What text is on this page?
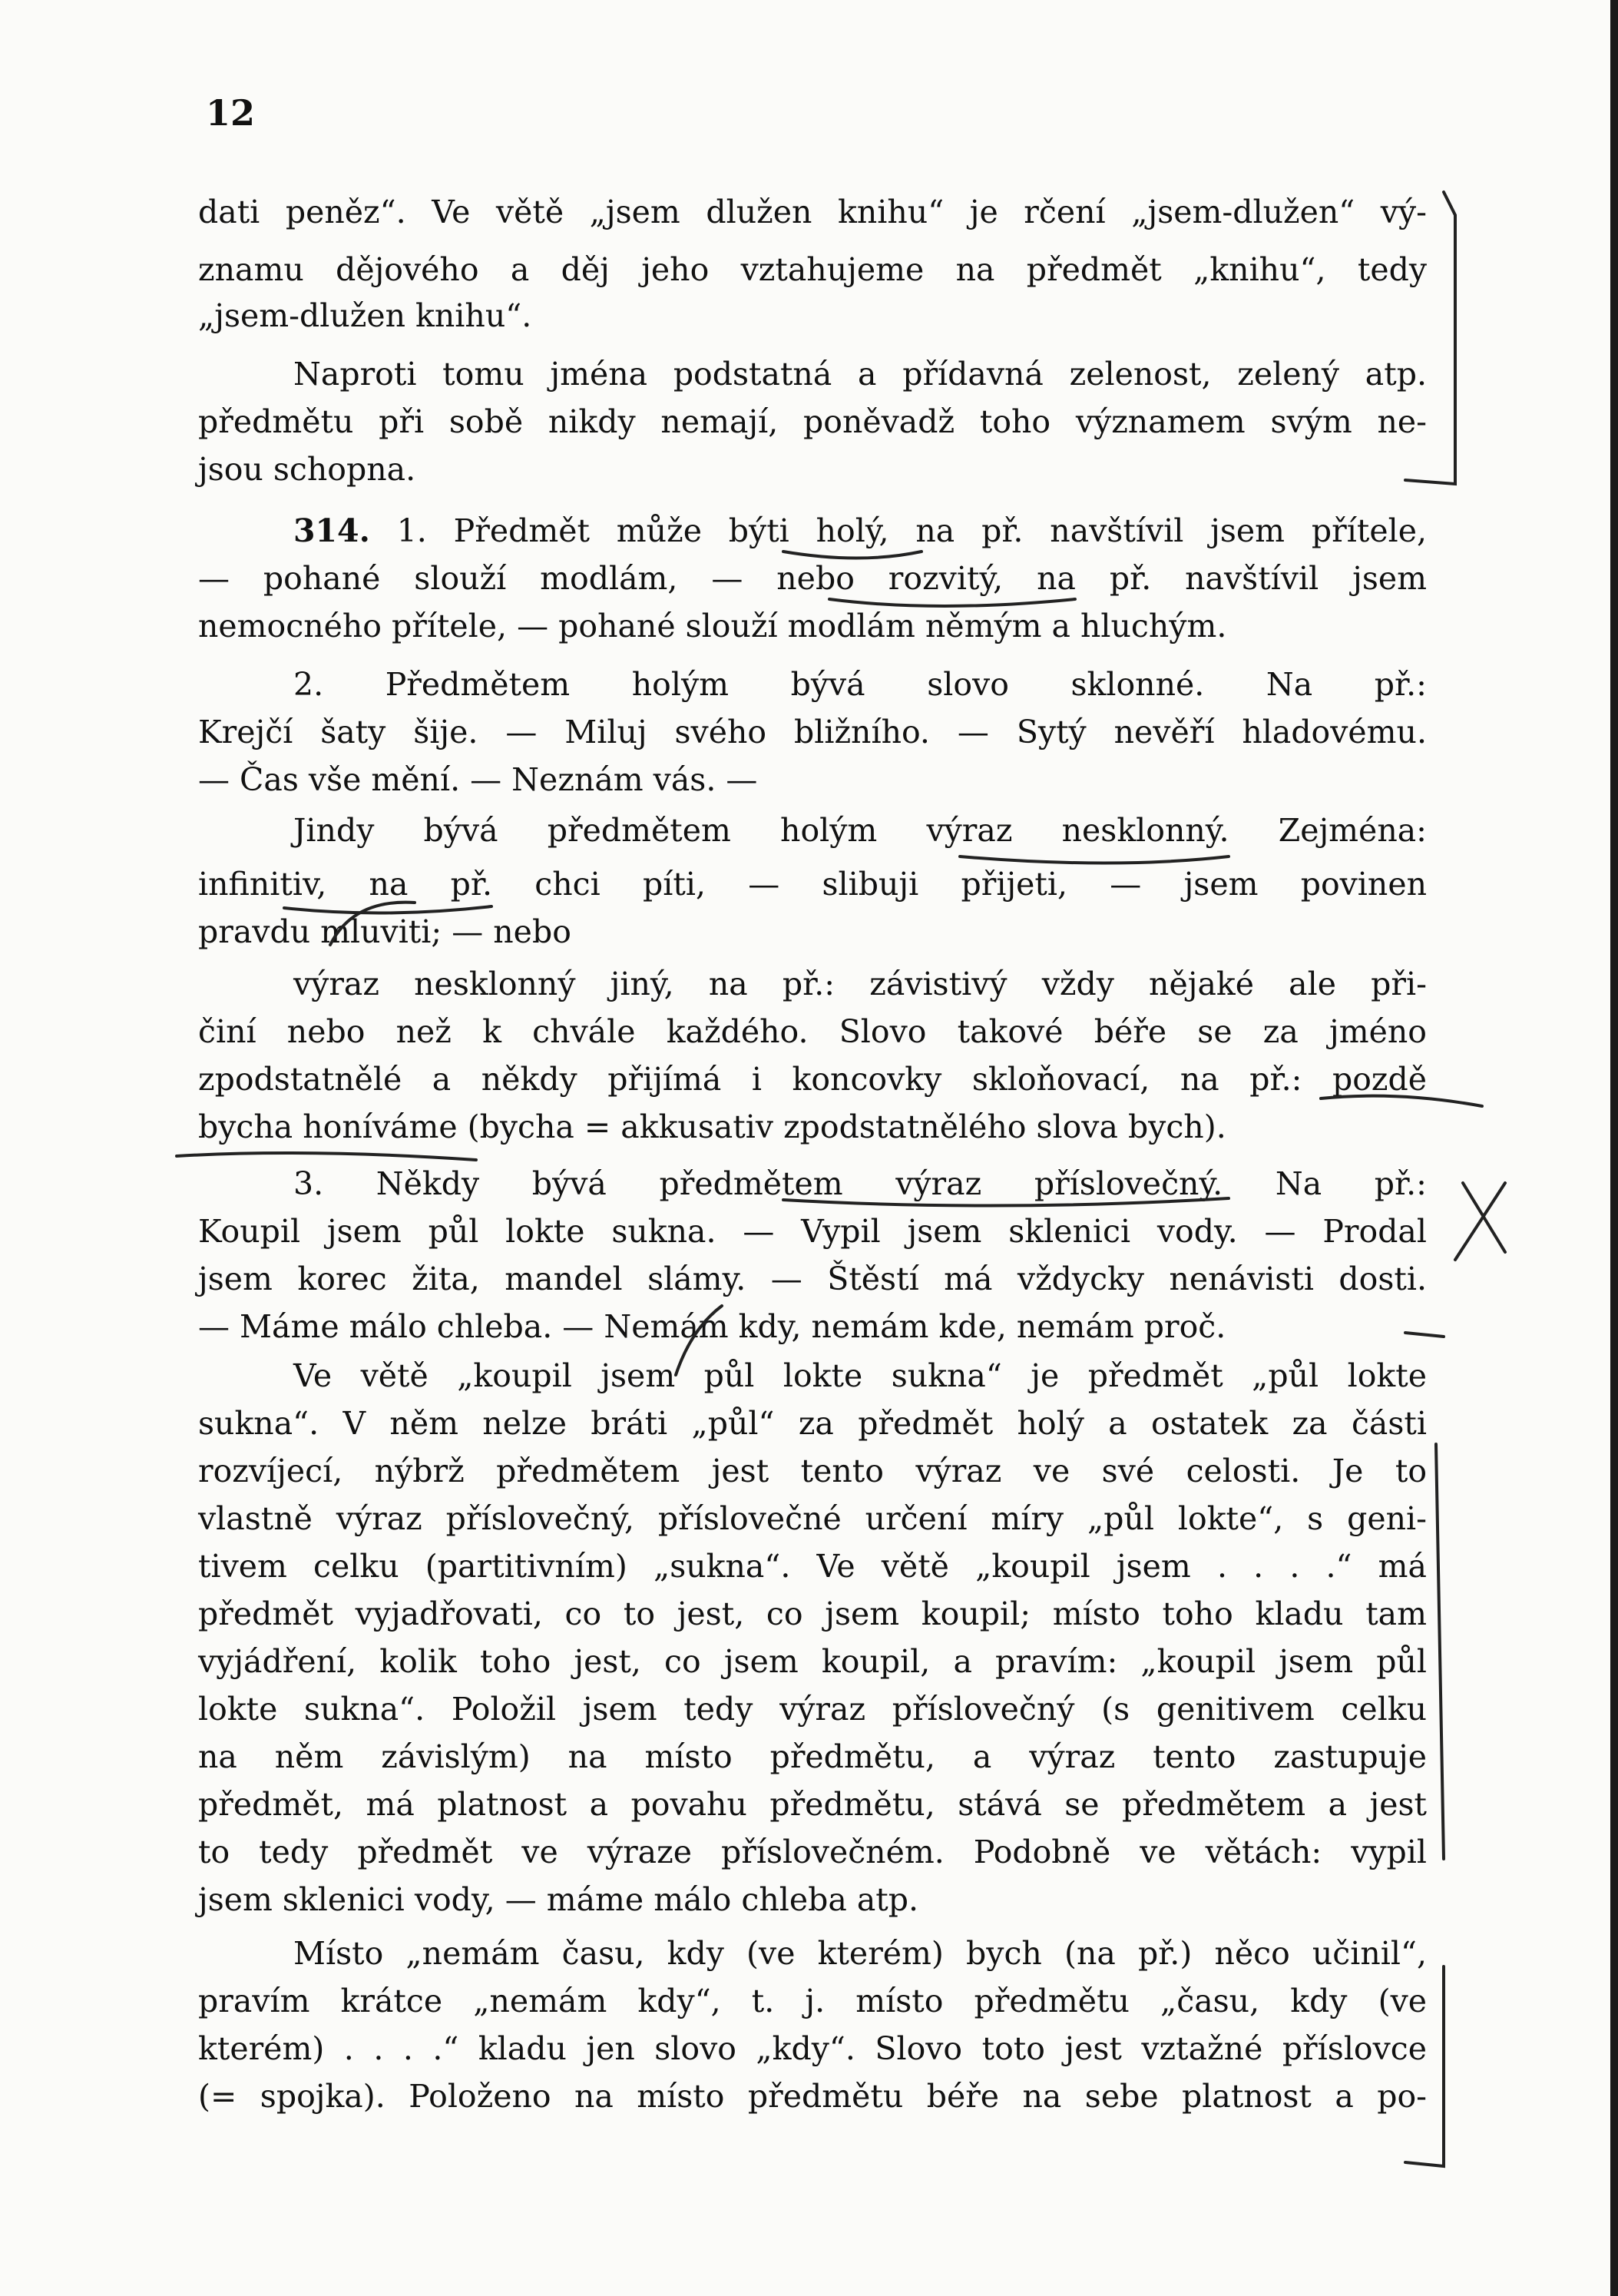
12
dati peněz“. Ve větě „jsem dlužen knihu“ je rčení „jsem-dlužen“ vý-
znamu dějového a děj jeho vztahujeme na předmět „knihu“, tedy
„jsem-dlužen knihu“.
Naproti tomu jména podstatná a přídavná zelenost, zelený atp.
předmětu při sobě nikdy nemají, poněvadž toho významem svým ne-
jsou schopna.
314. 1. Předmět může býti holý, na př. navštívil jsem přítele,
— pohané slouží modlám, — nebo rozvitý, na př. navštívil jsem
nemocného přítele, — pohané slouží modlám němým a hluchým.
2. Předmětem holým bývá slovo sklonné. Na př.:
Krejčí šaty šije. — Miluj svého bližního. — Sytý nevěří hladovému.
— Čas vše mění. — Neznám vás. —
Jindy bývá předmětem holým výraz nesklonný. Zejména:
infinitiv, na př. chci píti, — slibuji přijeti, — jsem povinen
pravdu mluviti; — nebo
výraz nesklonný jiný, na př.: závistivý vždy nějaké ale při-
činí nebo než k chvále každého. Slovo takové béře se za jméno
zpodstatnělé a někdy přijímá i koncovky skloňovací, na př.: pozdě
bycha honíváme (bycha = akkusativ zpodstatnělého slova bych).
3. Někdy bývá předmětem výraz příslovečný. Na př.:
Koupil jsem půl lokte sukna. — Vypil jsem sklenici vody. — Prodal
jsem korec žita, mandel slámy. — Štěstí má vždycky nenávisti dosti.
— Máme málo chleba. — Nemám kdy, nemám kde, nemám proč.
Ve větě „koupil jsem půl lokte sukna“ je předmět „půl lokte
sukna“. V něm nelze bráti „půl“ za předmět holý a ostatek za části
rozvíjecí, nýbrž předmětem jest tento výraz ve své celosti. Je to
vlastně výraz příslovečný, příslovečné určení míry „půl lokte“, s geni-
tivem celku (partitivním) „sukna“. Ve větě „koupil jsem . . . .“ má
předmět vyjadřovati, co to jest, co jsem koupil; místo toho kladu tam
vyjádření, kolik toho jest, co jsem koupil, a pravím: „koupil jsem půl
lokte sukna“. Položil jsem tedy výraz příslovečný (s genitivem celku
na něm závislým) na místo předmětu, a výraz tento zastupuje
předmět, má platnost a povahu předmětu, stává se předmětem a jest
to tedy předmět ve výraze příslovečném. Podobně ve větách: vypil
jsem sklenici vody, — máme málo chleba atp.
Místo „nemám času, kdy (ve kterém) bych (na př.) něco učinil“,
pravím krátce „nemám kdy“, t. j. místo předmětu „času, kdy (ve
kterém) . . . .“ kladu jen slovo „kdy“. Slovo toto jest vztažné příslovce
(= spojka). Položeno na místo předmětu béře na sebe platnost a po-
